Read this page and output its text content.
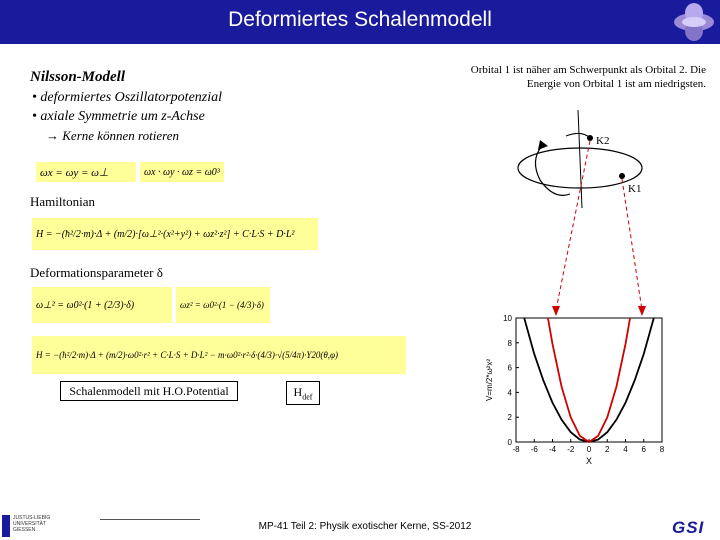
Deformiertes Schalenmodell
Nilsson-Modell
• deformiertes Oszillatorpotenzial
• axiale Symmetrie um z-Achse
→ Kerne können rotieren
ωx = ωy = ω⊥	ωx · ωy · ωz = ω0³
Hamiltonian
H = −(ħ²/2·m)·Δ + (m/2)·[ω⊥²·(x²+y²) + ωz²·z²] + C·L·S + D·L²
Deformationsparameter δ
ω⊥² = ω0²·(1 + (2/3)·δ)	ωz² = ω0²·(1 − (4/3)·δ)
H = −(ħ²/2·m)·Δ + (m/2)·ω0²·r² + C·L·S + D·L² − m·ω0²·r²·δ·(4/3)·√(5/4π)·Y20(θ,φ)
Schalenmodell mit H.O.Potential	$H_{def}$
Orbital 1 ist näher am Schwerpunkt als Orbital 2. Die Energie von Orbital 1 ist am niedrigsten.
K2
K1
-8 -6 -4 -2 0 2 4 6 8
0
2
4
6
8
10
V=m/2*ω²x²
X
JUSTUS-LIEBIG
UNIVERSITÄT
GIESSEN	MP-41 Teil 2: Physik exotischer Kerne, SS-2012	GSI
